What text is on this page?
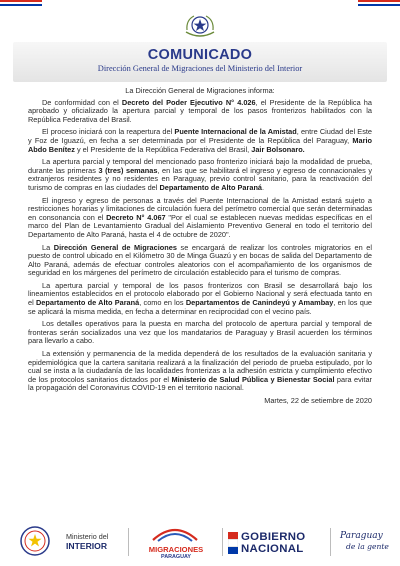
COMUNICADO
Dirección General de Migraciones del Ministerio del Interior

La Dirección General de Migraciones informa:

De conformidad con el Decreto del Poder Ejecutivo N° 4.026, el Presidente de la República ha aprobado y oficializado la apertura parcial y temporal de los pasos fronterizos habilitados con la República Federativa del Brasil.

El proceso iniciará con la reapertura del Puente Internacional de la Amistad, entre Ciudad del Este y Foz de Iguazú, en fecha a ser determinada por el Presidente de la República del Paraguay, Mario Abdo Benítez y el Presidente de la República Federativa del Brasil, Jair Bolsonaro.

La apertura parcial y temporal del mencionado paso fronterizo iniciará bajo la modalidad de prueba, durante las primeras 3 (tres) semanas, en las que se habilitará el ingreso y egreso de connacionales y extranjeros residentes y no residentes en Paraguay, previo control sanitario, para la reactivación del turismo de compras en las ciudades del Departamento de Alto Paraná.

El ingreso y egreso de personas a través del Puente Internacional de la Amistad estará sujeto a restricciones horarias y limitaciones de circulación fuera del perímetro comercial que serán determinadas en consonancia con el Decreto N° 4.067 "Por el cual se establecen nuevas medidas específicas en el marco del Plan de Levantamiento Gradual del Aislamiento Preventivo General en todo el territorio del Departamento de Alto Paraná, hasta el 4 de octubre de 2020".

La Dirección General de Migraciones se encargará de realizar los controles migratorios en el puesto de control ubicado en el Kilómetro 30 de Minga Guazú y en bocas de salida del Departamento de Alto Paraná, además de efectuar controles aleatorios con el acompañamiento de los organismos de seguridad en los márgenes del perímetro de circulación establecido para el turismo de compras.

La apertura parcial y temporal de los pasos fronterizos con Brasil se desarrollará bajo los lineamientos establecidos en el protocolo elaborado por el Gobierno Nacional y será efectuada tanto en el Departamento de Alto Paraná, como en los Departamentos de Canindeyú y Amambay, en los que se aplicará la misma medida, en fecha a determinar en reciprocidad con el vecino país.

Los detalles operativos para la puesta en marcha del protocolo de apertura parcial y temporal de fronteras serán socializados una vez que los mandatarios de Paraguay y Brasil acuerden los términos para llevarlo a cabo.

La extensión y permanencia de la medida dependerá de los resultados de la evaluación sanitaria y epidemiológica que la cartera sanitaria realizará a la finalización del periodo de prueba estipulado, por lo cual se insta a la ciudadanía de las localidades fronterizas a la adhesión estricta y cumplimiento efectivo de los protocolos sanitarios dictados por el Ministerio de Salud Pública y Bienestar Social para evitar la propagación del Coronavirus COVID-19 en el territorio nacional.

Martes, 22 de setiembre de 2020

Ministerio del
INTERIOR	MIGRACIONES
PARAGUAY
GOBIERNO
NACIONAL
Paraguay
de la gente
